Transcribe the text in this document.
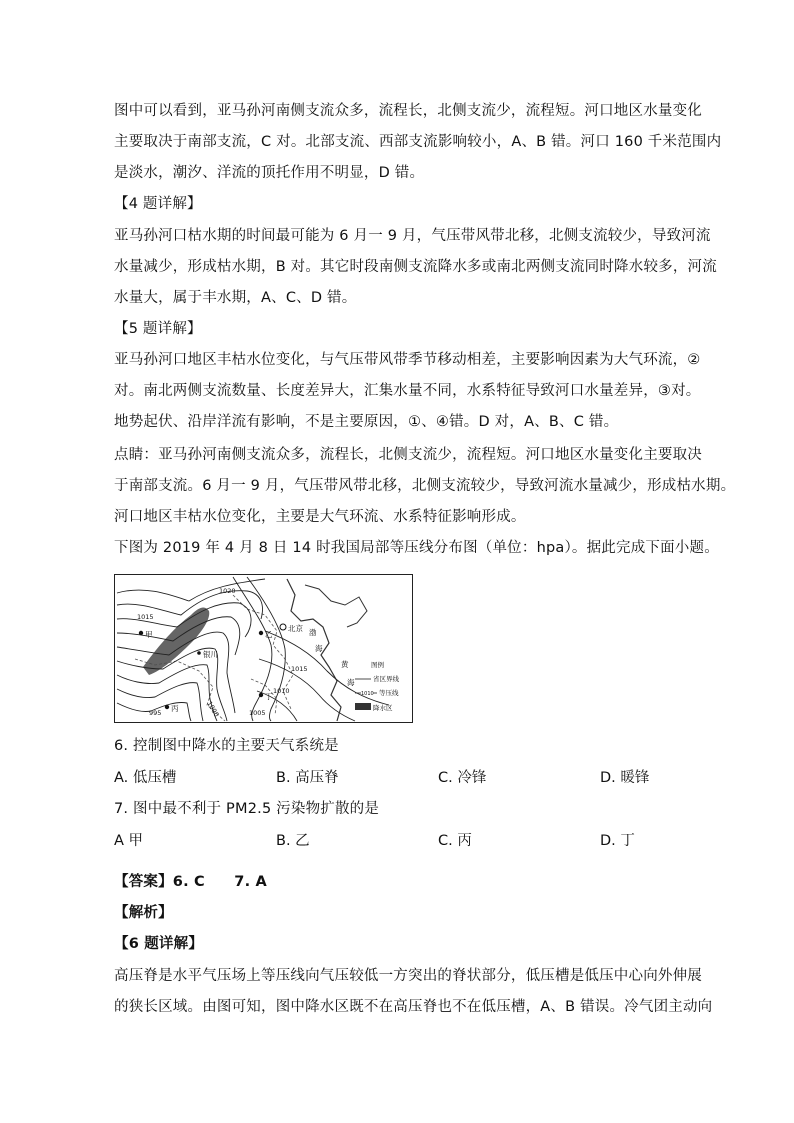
图中可以看到，亚马孙河南侧支流众多，流程长，北侧支流少，流程短。河口地区水量变化
主要取决于南部支流，C 对。北部支流、西部支流影响较小，A、B 错。河口 160 千米范围内
是淡水，潮汐、洋流的顶托作用不明显，D 错。
【4 题详解】
亚马孙河口枯水期的时间最可能为 6 月一 9 月，气压带风带北移，北侧支流较少，导致河流
水量减少，形成枯水期，B 对。其它时段南侧支流降水多或南北两侧支流同时降水较多，河流
水量大，属于丰水期，A、C、D 错。
【5 题详解】
亚马孙河口地区丰枯水位变化，与气压带风带季节移动相差，主要影响因素为大气环流，②
对。南北两侧支流数量、长度差异大，汇集水量不同，水系特征导致河口水量差异，③对。
地势起伏、沿岸洋流有影响，不是主要原因，①、④错。D 对，A、B、C 错。
点睛：亚马孙河南侧支流众多，流程长，北侧支流少，流程短。河口地区水量变化主要取决
于南部支流。6 月一 9 月，气压带风带北移，北侧支流较少，导致河流水量减少，形成枯水期。
河口地区丰枯水位变化，主要是大气环流、水系特征影响形成。
下图为 2019 年 4 月 8 日 14 时我国局部等压线分布图（单位：hpa）。据此完成下面小题。
甲	乙
丙
丁
银川
北京 渤
海
黄
海
1020
1015
1015
1010
1005
1000
995
图例
省区界线
1010 等压线
降水区
6. 控制图中降水的主要天气系统是
A. 低压槽	B. 高压脊	C. 冷锋	D. 暖锋
7. 图中最不利于 PM2.5 污染物扩散的是
A 甲	B. 乙	C. 丙	D. 丁
【答案】6. C　　7. A
【解析】
【6 题详解】
高压脊是水平气压场上等压线向气压较低一方突出的脊状部分，低压槽是低压中心向外伸展
的狭长区域。由图可知，图中降水区既不在高压脊也不在低压槽，A、B 错误。冷气团主动向
